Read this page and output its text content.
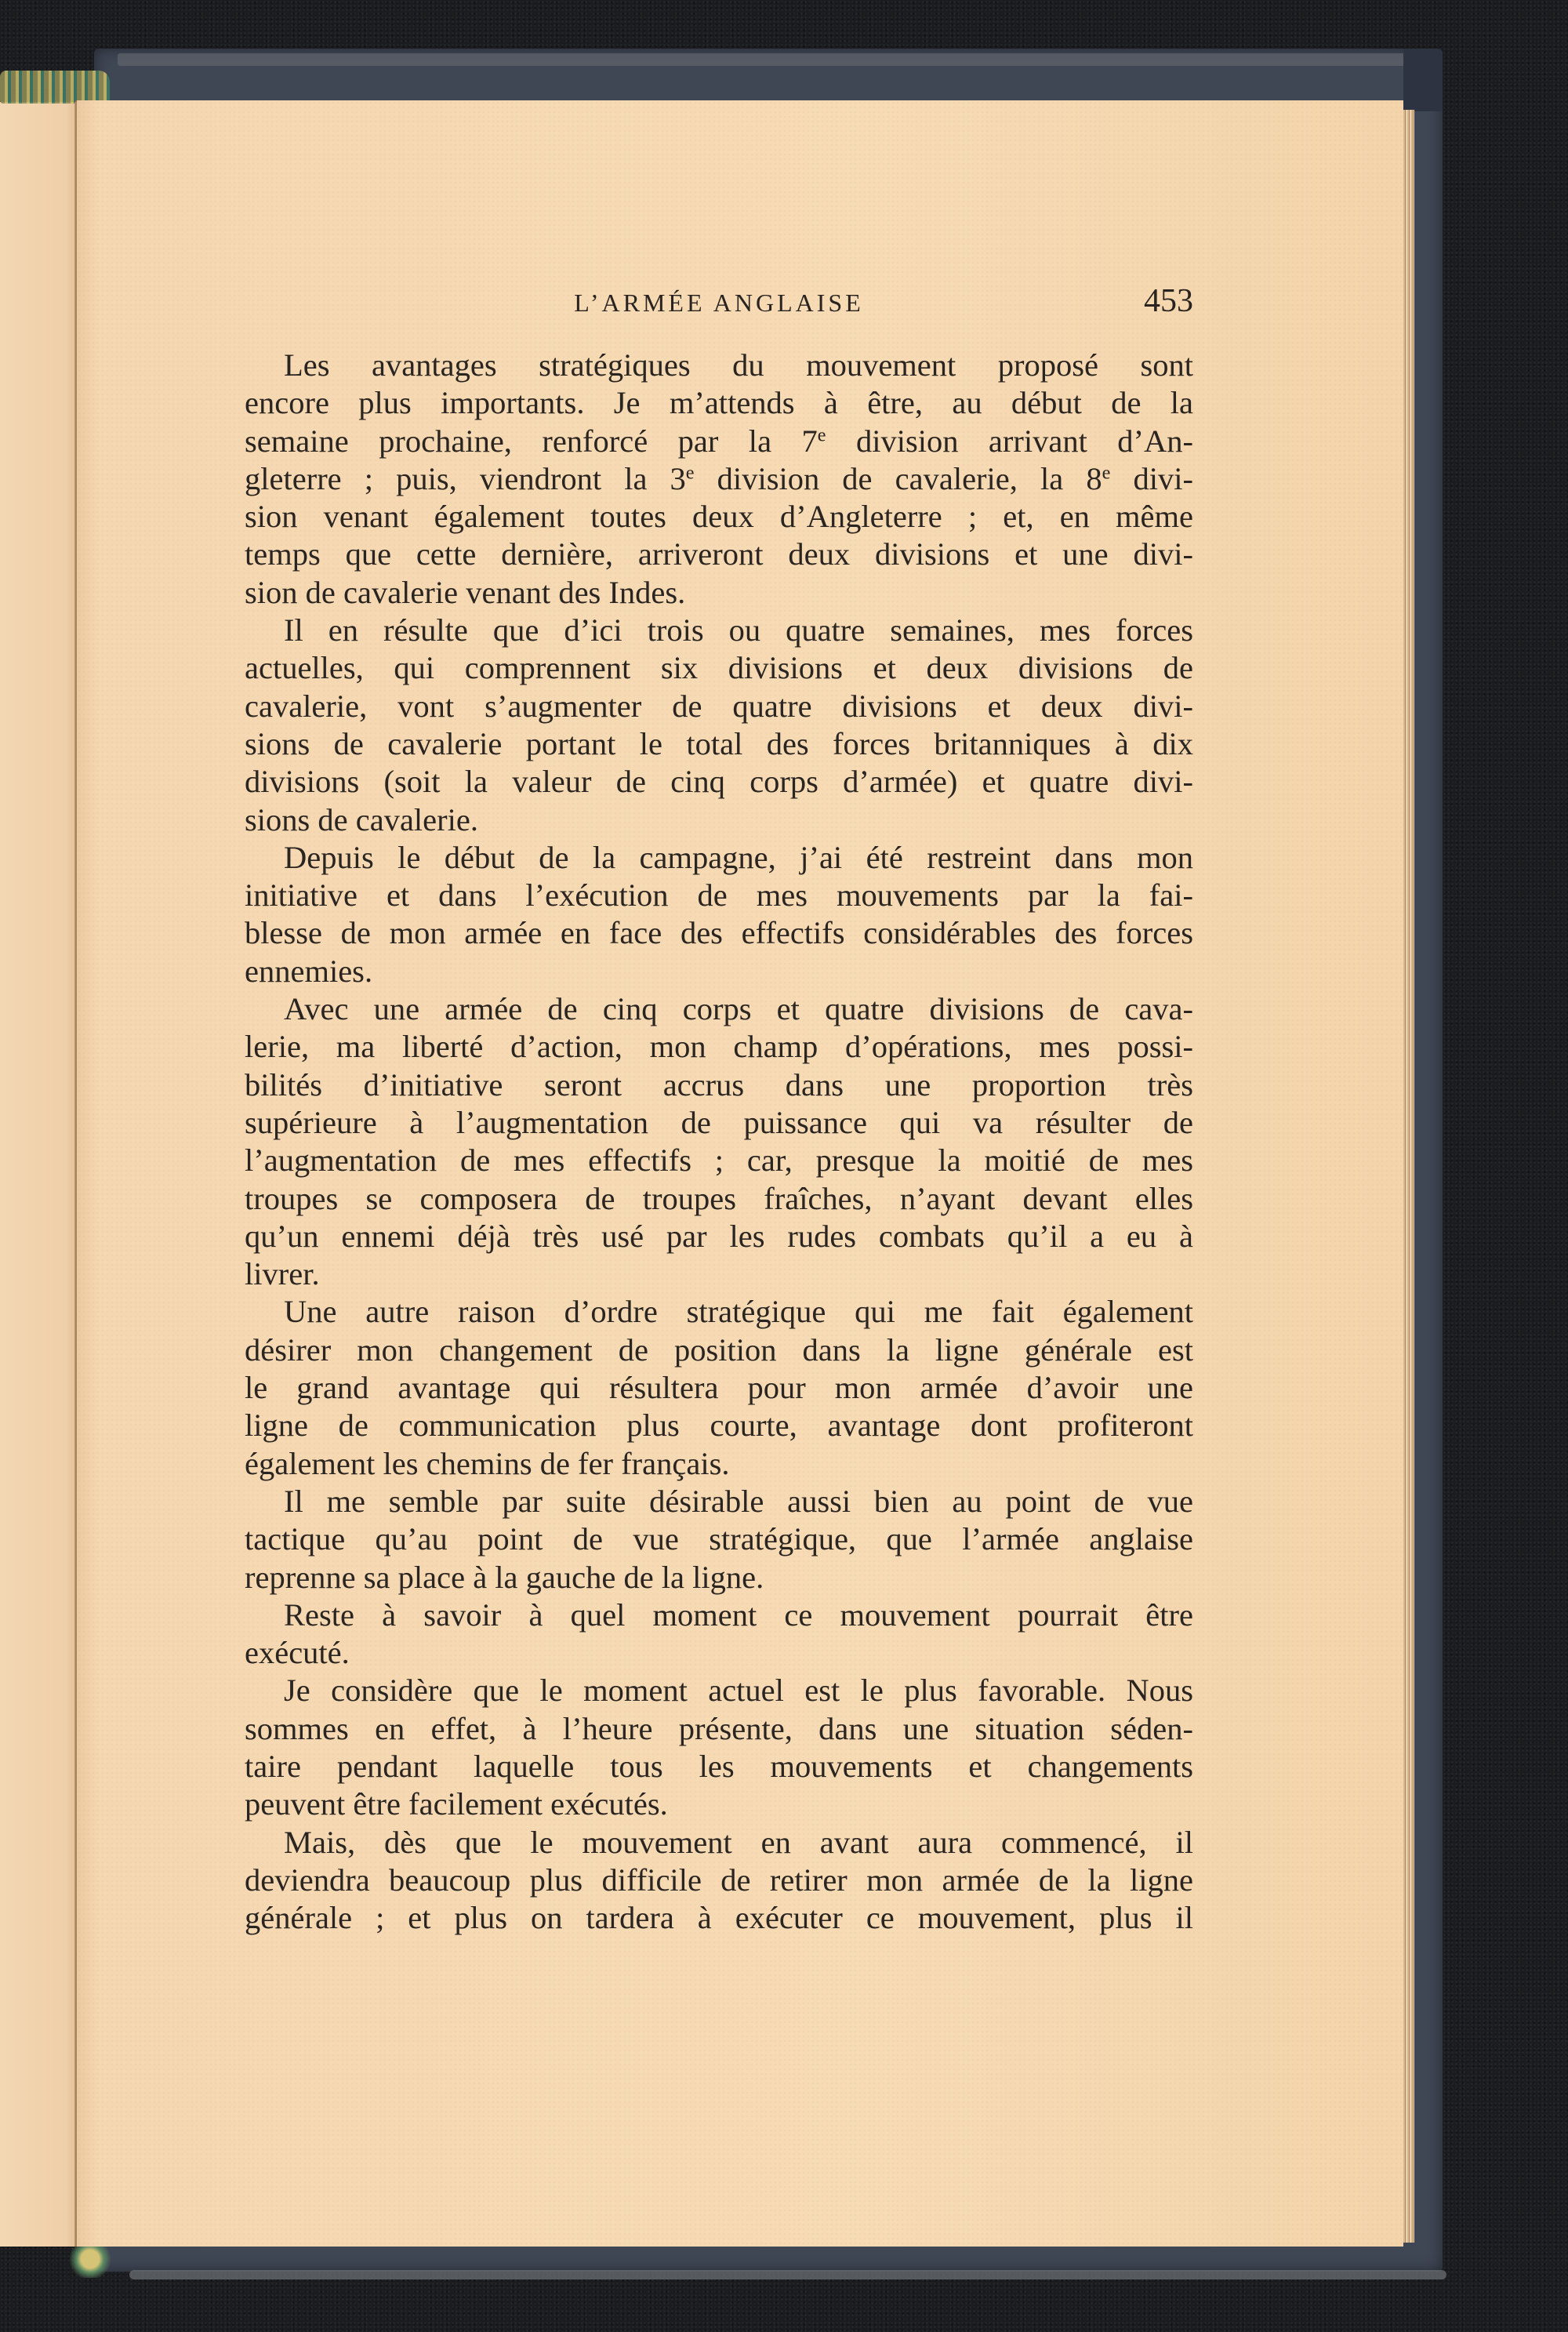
L’ARMÉE ANGLAISE	453
Les avantages stratégiques du mouvement proposé sont
encore plus importants. Je m’attends à être, au début de la
semaine prochaine, renforcé par la 7e division arrivant d’An-
gleterre ; puis, viendront la 3e division de cavalerie, la 8e divi-
sion venant également toutes deux d’Angleterre ; et, en même
temps que cette dernière, arriveront deux divisions et une divi-
sion de cavalerie venant des Indes.
Il en résulte que d’ici trois ou quatre semaines, mes forces
actuelles, qui comprennent six divisions et deux divisions de
cavalerie, vont s’augmenter de quatre divisions et deux divi-
sions de cavalerie portant le total des forces britanniques à dix
divisions (soit la valeur de cinq corps d’armée) et quatre divi-
sions de cavalerie.
Depuis le début de la campagne, j’ai été restreint dans mon
initiative et dans l’exécution de mes mouvements par la fai-
blesse de mon armée en face des effectifs considérables des forces
ennemies.
Avec une armée de cinq corps et quatre divisions de cava-
lerie, ma liberté d’action, mon champ d’opérations, mes possi-
bilités d’initiative seront accrus dans une proportion très
supérieure à l’augmentation de puissance qui va résulter de
l’augmentation de mes effectifs ; car, presque la moitié de mes
troupes se composera de troupes fraîches, n’ayant devant elles
qu’un ennemi déjà très usé par les rudes combats qu’il a eu à
livrer.
Une autre raison d’ordre stratégique qui me fait également
désirer mon changement de position dans la ligne générale est
le grand avantage qui résultera pour mon armée d’avoir une
ligne de communication plus courte, avantage dont profiteront
également les chemins de fer français.
Il me semble par suite désirable aussi bien au point de vue
tactique qu’au point de vue stratégique, que l’armée anglaise
reprenne sa place à la gauche de la ligne.
Reste à savoir à quel moment ce mouvement pourrait être
exécuté.
Je considère que le moment actuel est le plus favorable. Nous
sommes en effet, à l’heure présente, dans une situation séden-
taire pendant laquelle tous les mouvements et changements
peuvent être facilement exécutés.
Mais, dès que le mouvement en avant aura commencé, il
deviendra beaucoup plus difficile de retirer mon armée de la ligne
générale ; et plus on tardera à exécuter ce mouvement, plus il
